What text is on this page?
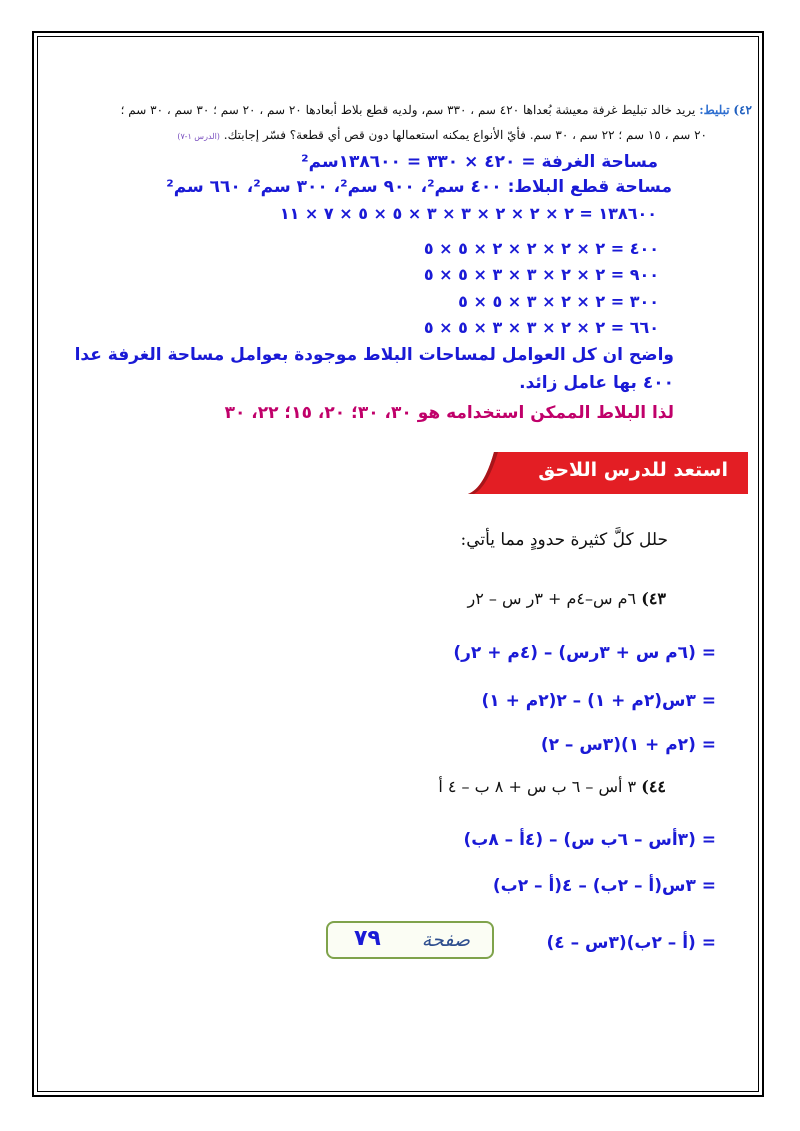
٤٢) تبليط: يريد خالد تبليط غرفة معيشة بُعداها ٤٢٠ سم ، ٣٣٠ سم، ولديه قطع بلاط أبعادها ٢٠ سم ، ٢٠ سم ؛ ٣٠ سم ، ٣٠ سم ؛
٢٠ سم ، ١٥ سم ؛ ٢٢ سم ، ٣٠ سم. فأيّ الأنواع يمكنه استعمالها دون قص أي قطعة؟ فسّر إجابتك. (الدرس ١-٧)
مساحة الغرفة = ٤٢٠ × ٣٣٠ = ١٣٨٦٠٠سم²
مساحة قطع البلاط: ٤٠٠ سم²، ٩٠٠ سم²، ٣٠٠ سم²، ٦٦٠ سم²
١٣٨٦٠٠ = ٢ × ٢ × ٢ × ٣ × ٣ × ٥ × ٥ × ٧ × ١١
٤٠٠ = ٢ × ٢ × ٢ × ٢ × ٥ × ٥
٩٠٠ = ٢ × ٢ × ٣ × ٣ × ٥ × ٥
٣٠٠ = ٢ × ٢ × ٣ × ٥ × ٥
٦٦٠ = ٢ × ٢ × ٣ × ٣ × ٥ × ٥
واضح ان كل العوامل لمساحات البلاط موجودة بعوامل مساحة الغرفة عدا
٤٠٠ بها عامل زائد.
لذا البلاط الممكن استخدامه هو ٣٠، ٣٠؛ ٢٠، ١٥؛ ٢٢، ٣٠
استعد للدرس اللاحق
حلل كلَّ كثيرة حدودٍ مما يأتي:
٤٣) ٦م س–٤م + ٣ر س – ٢ر
= (٦م س + ٣رس) – (٤م + ٢ر)
= ٣س(٢م + ١) – ٢(٢م + ١)
= (٢م + ١)(٣س – ٢)
٤٤) ٣ أس – ٦ ب س + ٨ ب – ٤ أ
= (٣أس – ٦ب س) – (٤أ – ٨ب)
= ٣س(أ – ٢ب) – ٤(أ – ٢ب)
= (أ – ٢ب)(٣س – ٤)
صفحة
٧٩
